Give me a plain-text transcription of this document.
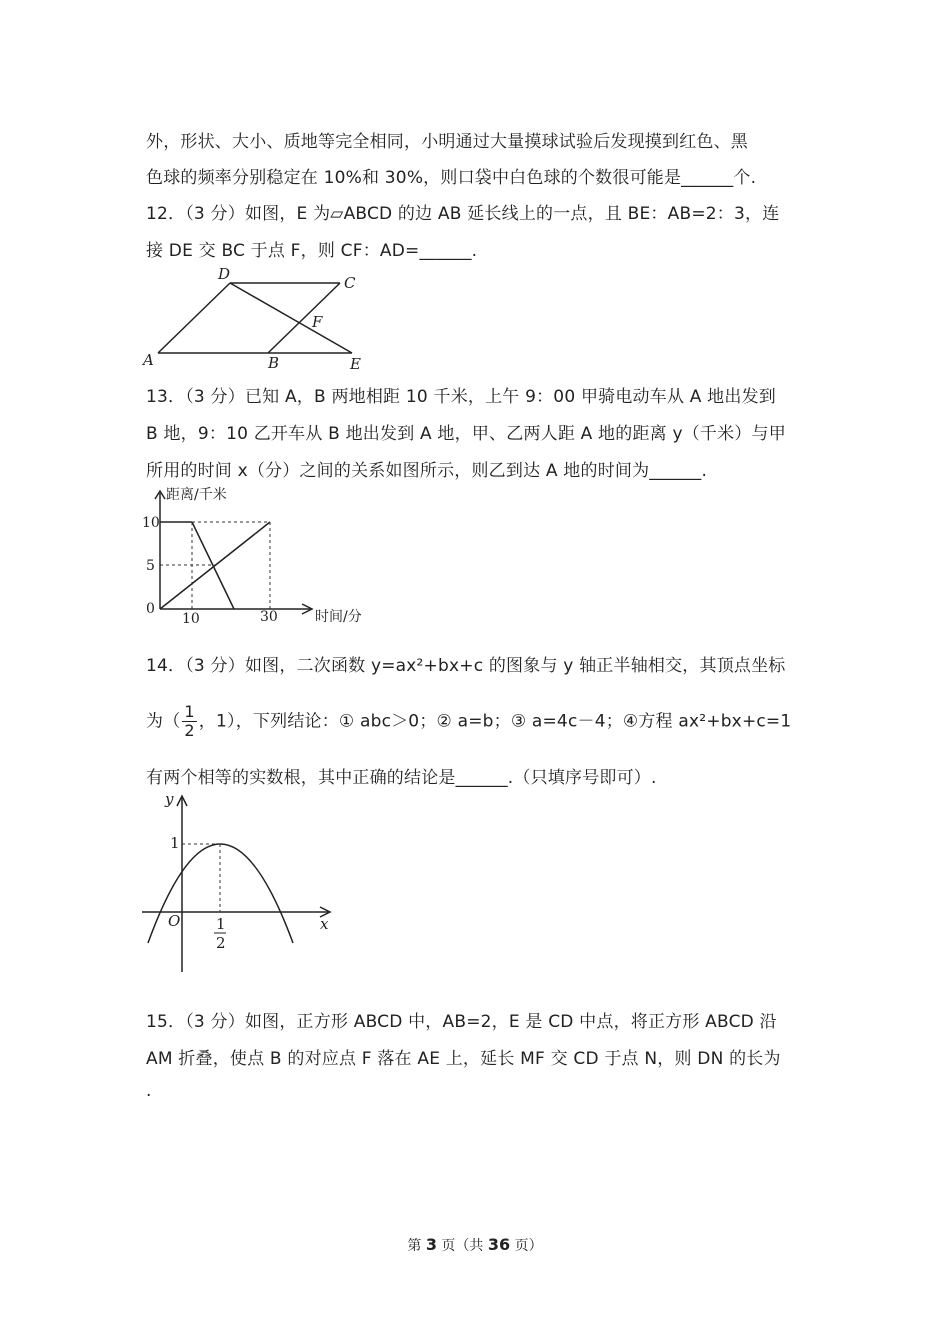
外，形状、大小、质地等完全相同，小明通过大量摸球试验后发现摸到红色、黑
色球的频率分别稳定在 10%和 30%，则口袋中白色球的个数很可能是______个.
12．（3 分）如图，E 为▱ABCD 的边 AB 延长线上的一点，且 BE：AB=2：3，连
接 DE 交 BC 于点 F，则 CF：AD=______.
A	B
C
D
E
F
13．（3 分）已知 A，B 两地相距 10 千米，上午 9：00 甲骑电动车从 A 地出发到
B 地，9：10 乙开车从 B 地出发到 A 地，甲、乙两人距 A 地的距离 y（千米）与甲
所用的时间 x（分）之间的关系如图所示，则乙到达 A 地的时间为______.
距离/千米
时间/分
10
5
0
10	30
14．（3 分）如图，二次函数 y=ax²+bx+c 的图象与 y 轴正半轴相交，其顶点坐标
为（ $\frac{1}{2}$ ，1），下列结论：① abc＞0；② a=b；③ a=4c－4；④方程 ax²+bx+c=1
有两个相等的实数根，其中正确的结论是______.（只填序号即可）.
y
x
O
1
1
2
15．（3 分）如图，正方形 ABCD 中，AB=2，E 是 CD 中点，将正方形 ABCD 沿
AM 折叠，使点 B 的对应点 F 落在 AE 上，延长 MF 交 CD 于点 N，则 DN 的长为
.
第 3 页（共 36 页）
